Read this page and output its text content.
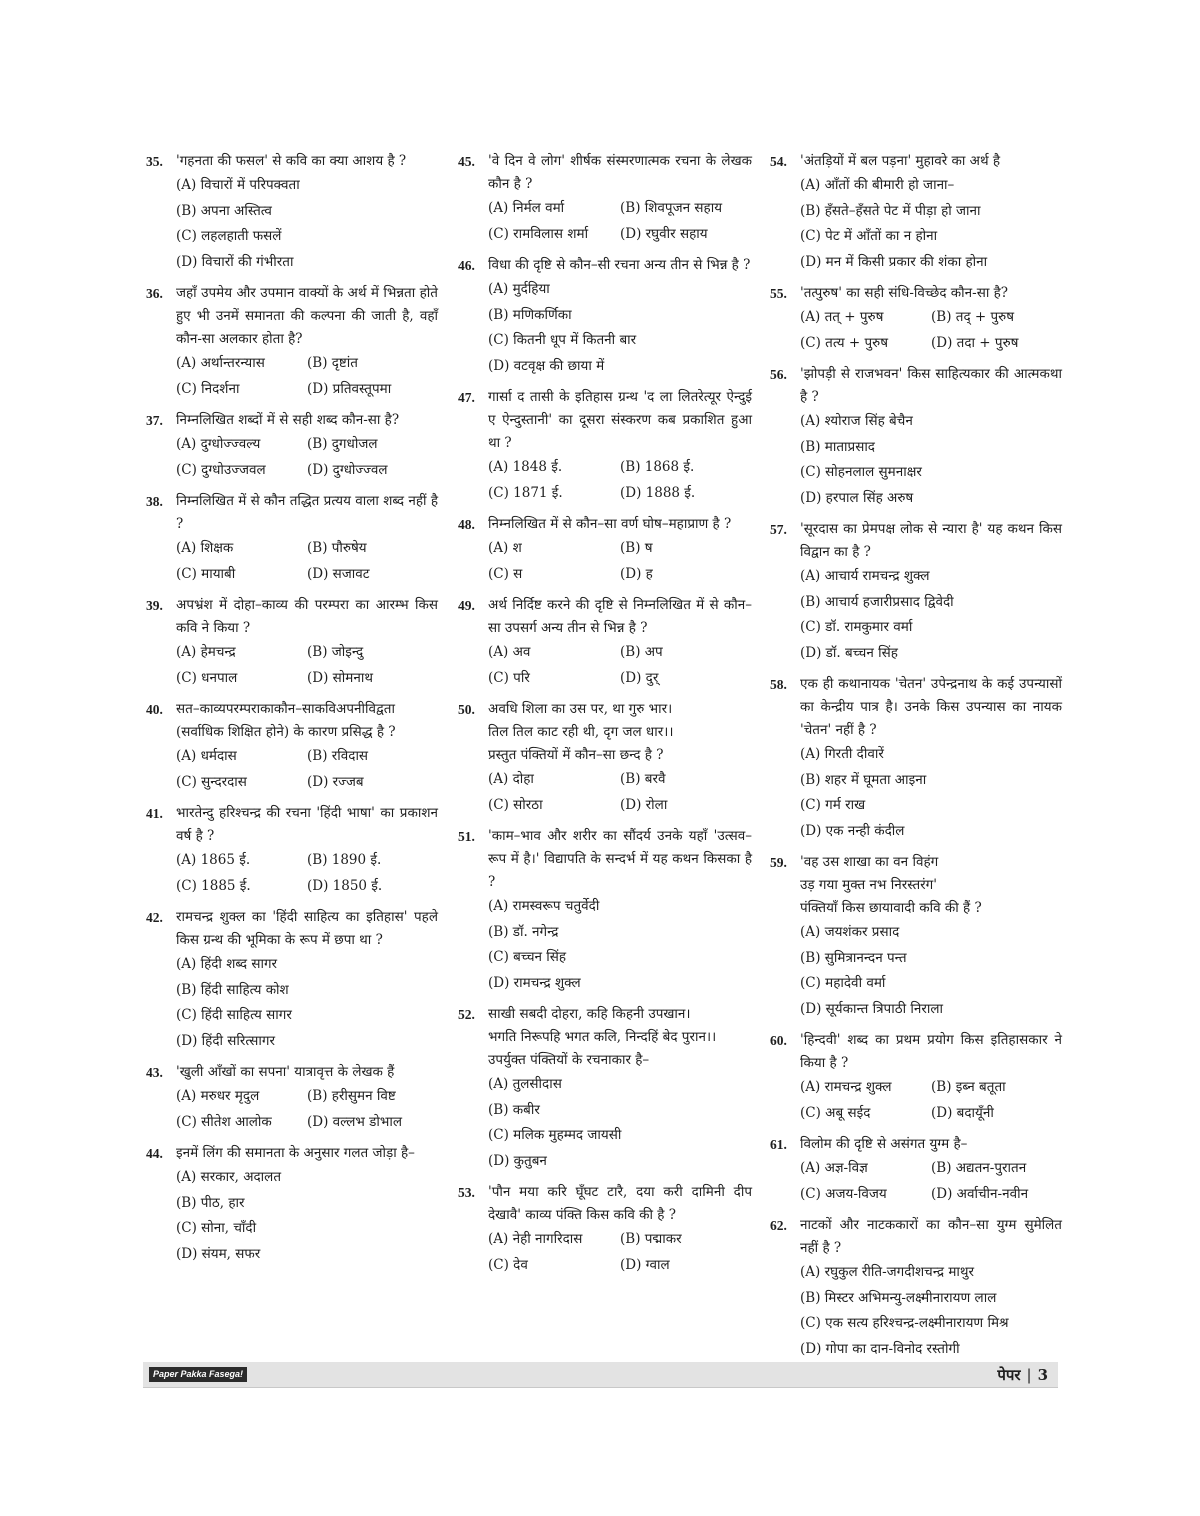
35. 'गहनता की फसल' से कवि का क्या आशय है ?
(A) विचारों में परिपक्वता
(B) अपना अस्तित्व
(C) लहलहाती फसलें
(D) विचारों की गंभीरता
36. जहाँ उपमेय और उपमान वाक्यों के अर्थ में भिन्नता होते हुए भी उनमें समानता की कल्पना की जाती है, वहाँ कौन-सा अलकार होता है?
(A) अर्थान्तरन्यास	(B) दृष्टांत
(C) निदर्शना	(D) प्रतिवस्तूपमा
37. निम्नलिखित शब्दों में से सही शब्द कौन-सा है?
(A) दुग्धोज्ज्वल्य	(B) दुगधोजल
(C) दुग्धोउज्जवल	(D) दुग्धोज्ज्वल
38. निम्नलिखित में से कौन तद्धित प्रत्यय वाला शब्द नहीं है ?
(A) शिक्षक	(B) पौरुषेय
(C) मायाबी	(D) सजावट
39. अपभ्रंश में दोहा–काव्य की परम्परा का आरम्भ किस कवि ने किया ?
(A) हेमचन्द्र	(B) जोइन्दु
(C) धनपाल	(D) सोमनाथ
40. सत–काव्यपरम्पराकाकौन–साकविअपनीविद्वता (सर्वाधिक शिक्षित होने) के कारण प्रसिद्ध है ?
(A) धर्मदास	(B) रविदास
(C) सुन्दरदास	(D) रज्जब
41. भारतेन्दु हरिश्चन्द्र की रचना 'हिंदी भाषा' का प्रकाशन वर्ष है ?
(A) 1865 ई.	(B) 1890 ई.
(C) 1885 ई.	(D) 1850 ई.
42. रामचन्द्र शुक्ल का 'हिंदी साहित्य का इतिहास' पहले किस ग्रन्थ की भूमिका के रूप में छपा था ?
(A) हिंदी शब्द सागर
(B) हिंदी साहित्य कोश
(C) हिंदी साहित्य सागर
(D) हिंदी सरित्सागर
43. 'खुली आँखों का सपना' यात्रावृत्त के लेखक हैं
(A) मरुधर मृदुल	(B) हरीसुमन विष्ट
(C) सीतेश आलोक	(D) वल्लभ डोभाल
44. इनमें लिंग की समानता के अनुसार गलत जोड़ा है–
(A) सरकार, अदालत
(B) पीठ, हार
(C) सोना, चाँदी
(D) संयम, सफर
45. 'वे दिन वे लोग' शीर्षक संस्मरणात्मक रचना के लेखक कौन है ?
(A) निर्मल वर्मा	(B) शिवपूजन सहाय
(C) रामविलास शर्मा	(D) रघुवीर सहाय
46. विधा की दृष्टि से कौन–सी रचना अन्य तीन से भिन्न है ?
(A) मुर्दहिया
(B) मणिकर्णिका
(C) कितनी धूप में कितनी बार
(D) वटवृक्ष की छाया में
47. गार्सा द तासी के इतिहास ग्रन्थ 'द ला लितरेत्यूर ऐन्दुई ए ऐन्दुस्तानी' का दूसरा संस्करण कब प्रकाशित हुआ था ?
(A) 1848 ई.	(B) 1868 ई.
(C) 1871 ई.	(D) 1888 ई.
48. निम्नलिखित में से कौन–सा वर्ण घोष–महाप्राण है ?
(A) श	(B) ष
(C) स	(D) ह
49. अर्थ निर्दिष्ट करने की दृष्टि से निम्नलिखित में से कौन–सा उपसर्ग अन्य तीन से भिन्न है ?
(A) अव	(B) अप
(C) परि	(D) दुर्
50. अवधि शिला का उस पर, था गुरु भार।
तिल तिल काट रही थी, दृग जल धार।।
प्रस्तुत पंक्तियों में कौन–सा छन्द है ?
(A) दोहा	(B) बरवै
(C) सोरठा	(D) रोला
51. 'काम–भाव और शरीर का सौंदर्य उनके यहाँ 'उत्सव–रूप में है।' विद्यापति के सन्दर्भ में यह कथन किसका है ?
(A) रामस्वरूप चतुर्वेदी
(B) डॉ. नगेन्द्र
(C) बच्चन सिंह
(D) रामचन्द्र शुक्ल
52. साखी सबदी दोहरा, कहि किहनी उपखान।
भगति निरूपहि भगत कलि, निन्दहिं बेद पुरान।।
उपर्युक्त पंक्तियों के रचनाकार है–
(A) तुलसीदास
(B) कबीर
(C) मलिक मुहम्मद जायसी
(D) कुतुबन
53. 'पौन मया करि घूँघट टारै, दया करी दामिनी दीप देखावै' काव्य पंक्ति किस कवि की है ?
(A) नेही नागरिदास	(B) पद्माकर
(C) देव	(D) ग्वाल
54. 'अंतड़ियों में बल पड़ना' मुहावरे का अर्थ है
(A) आँतों की बीमारी हो जाना–
(B) हँसते–हँसते पेट में पीड़ा हो जाना
(C) पेट में आँतों का न होना
(D) मन में किसी प्रकार की शंका होना
55. 'तत्पुरुष' का सही संधि-विच्छेद कौन-सा है?
(A) तत् + पुरुष	(B) तद् + पुरुष
(C) तत्य + पुरुष	(D) तदा + पुरुष
56. 'झोपड़ी से राजभवन' किस साहित्यकार की आत्मकथा है ?
(A) श्योराज सिंह बेचैन
(B) माताप्रसाद
(C) सोहनलाल सुमनाक्षर
(D) हरपाल सिंह अरुष
57. 'सूरदास का प्रेमपक्ष लोक से न्यारा है' यह कथन किस विद्वान का है ?
(A) आचार्य रामचन्द्र शुक्ल
(B) आचार्य हजारीप्रसाद द्विवेदी
(C) डॉ. रामकुमार वर्मा
(D) डॉ. बच्चन सिंह
58. एक ही कथानायक 'चेतन' उपेन्द्रनाथ के कई उपन्यासों का केन्द्रीय पात्र है। उनके किस उपन्यास का नायक 'चेतन' नहीं है ?
(A) गिरती दीवारें
(B) शहर में घूमता आइना
(C) गर्म राख
(D) एक नन्ही कंदील
59. 'वह उस शाखा का वन विहंग
उड़ गया मुक्त नभ निरस्तरंग'
पंक्तियाँ किस छायावादी कवि की हैं ?
(A) जयशंकर प्रसाद
(B) सुमित्रानन्दन पन्त
(C) महादेवी वर्मा
(D) सूर्यकान्त त्रिपाठी निराला
60. 'हिन्दवी' शब्द का प्रथम प्रयोग किस इतिहासकार ने किया है ?
(A) रामचन्द्र शुक्ल	(B) इब्न बतूता
(C) अबू सईद	(D) बदायूँनी
61. विलोम की दृष्टि से असंगत युग्म है–
(A) अज्ञ-विज्ञ	(B) अद्यतन-पुरातन
(C) अजय-विजय	(D) अर्वाचीन-नवीन
62. नाटकों और नाटककारों का कौन–सा युग्म सुमेलित नहीं है ?
(A) रघुकुल रीति-जगदीशचन्द्र माथुर
(B) मिस्टर अभिमन्यु-लक्ष्मीनारायण लाल
(C) एक सत्य हरिश्चन्द्र-लक्ष्मीनारायण मिश्र
(D) गोपा का दान-विनोद रस्तोगी
Paper Pakka Fasega!	पेपर | 3
